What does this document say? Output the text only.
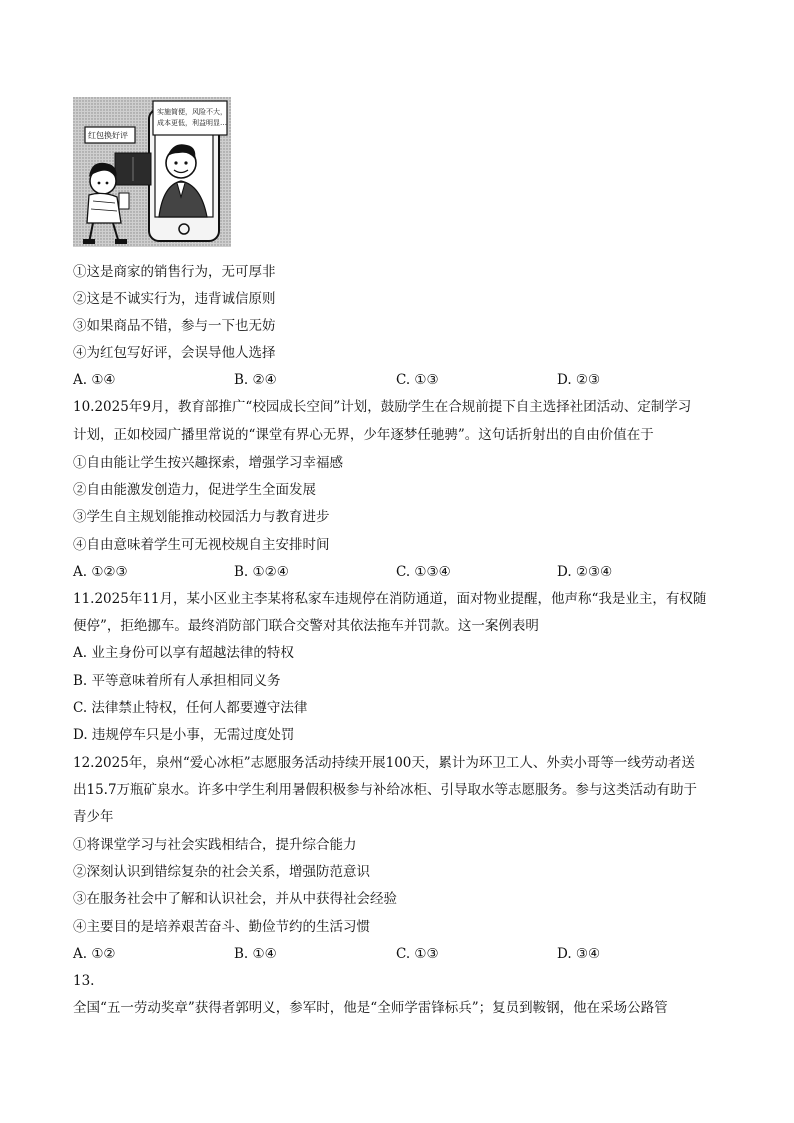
实施简便，风险不大，
成本更低，利益明显…
红包换好评
①这是商家的销售行为，无可厚非
②这是不诚实行为，违背诚信原则
③如果商品不错，参与一下也无妨
④为红包写好评，会误导他人选择
A. ①④	B. ②④	C. ①③	D. ②③
10.2025年9月，教育部推广“校园成长空间”计划，鼓励学生在合规前提下自主选择社团活动、定制学习
计划，正如校园广播里常说的“课堂有界心无界，少年逐梦任驰骋”。这句话折射出的自由价值在于
①自由能让学生按兴趣探索，增强学习幸福感
②自由能激发创造力，促进学生全面发展
③学生自主规划能推动校园活力与教育进步
④自由意味着学生可无视校规自主安排时间
A. ①②③	B. ①②④	C. ①③④	D. ②③④
11.2025年11月，某小区业主李某将私家车违规停在消防通道，面对物业提醒，他声称“我是业主，有权随
便停”，拒绝挪车。最终消防部门联合交警对其依法拖车并罚款。这一案例表明
A. 业主身份可以享有超越法律的特权
B. 平等意味着所有人承担相同义务
C. 法律禁止特权，任何人都要遵守法律
D. 违规停车只是小事，无需过度处罚
12.2025年，泉州“爱心冰柜”志愿服务活动持续开展100天，累计为环卫工人、外卖小哥等一线劳动者送
出15.7万瓶矿泉水。许多中学生利用暑假积极参与补给冰柜、引导取水等志愿服务。参与这类活动有助于
青少年
①将课堂学习与社会实践相结合，提升综合能力
②深刻认识到错综复杂的社会关系，增强防范意识
③在服务社会中了解和认识社会，并从中获得社会经验
④主要目的是培养艰苦奋斗、勤俭节约的生活习惯
A. ①②	B. ①④	C. ①③	D. ③④
13.
全国“五一劳动奖章”获得者郭明义，参军时，他是“全师学雷锋标兵”；复员到鞍钢，他在采场公路管
